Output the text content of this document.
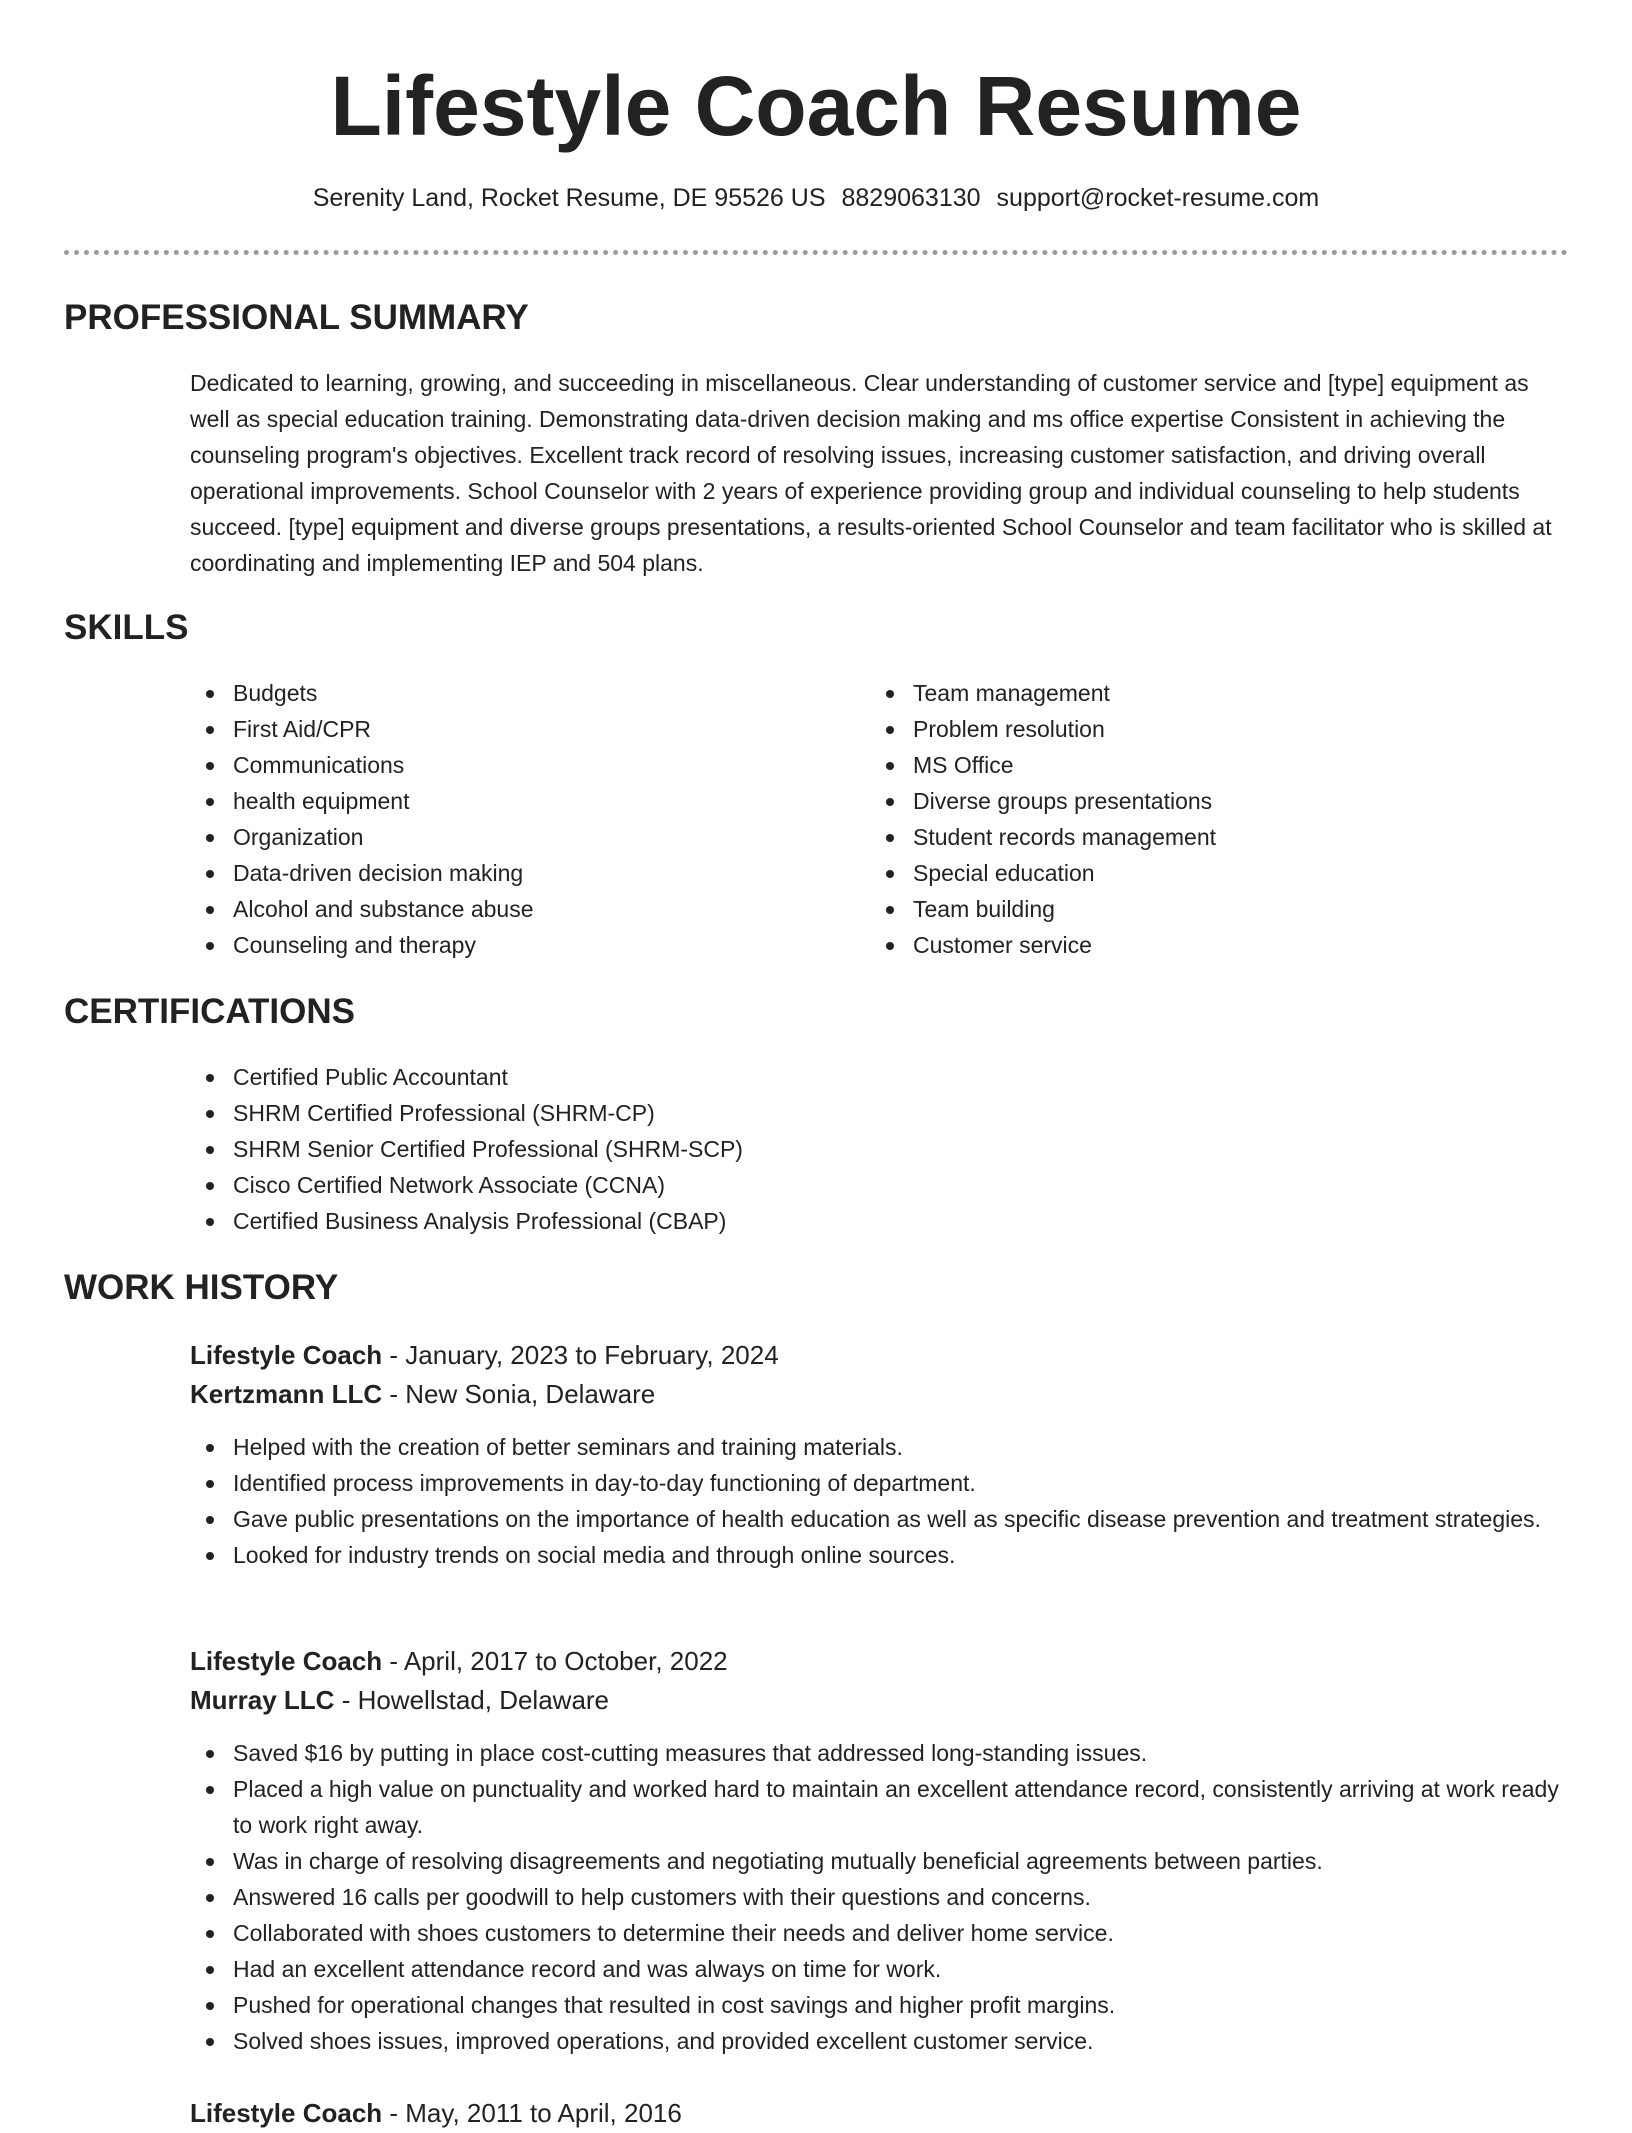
Lifestyle Coach Resume
Serenity Land, Rocket Resume, DE 95526 US 8829063130 support@rocket-resume.com
PROFESSIONAL SUMMARY

Dedicated to learning, growing, and succeeding in miscellaneous. Clear understanding of customer service and [type] equipment as well as special education training. Demonstrating data-driven decision making and ms office expertise Consistent in achieving the counseling program's objectives. Excellent track record of resolving issues, increasing customer satisfaction, and driving overall operational improvements. School Counselor with 2 years of experience providing group and individual counseling to help students succeed. [type] equipment and diverse groups presentations, a results-oriented School Counselor and team facilitator who is skilled at coordinating and implementing IEP and 504 plans.

SKILLS
Budgets
First Aid/CPR
Communications
health equipment
Organization
Data-driven decision making
Alcohol and substance abuse
Counseling and therapy
Team management
Problem resolution
MS Office
Diverse groups presentations
Student records management
Special education
Team building
Customer service
CERTIFICATIONS
Certified Public Accountant
SHRM Certified Professional (SHRM-CP)
SHRM Senior Certified Professional (SHRM-SCP)
Cisco Certified Network Associate (CCNA)
Certified Business Analysis Professional (CBAP)
WORK HISTORY
Lifestyle Coach - January, 2023 to February, 2024
Kertzmann LLC - New Sonia, Delaware
Helped with the creation of better seminars and training materials.
Identified process improvements in day-to-day functioning of department.
Gave public presentations on the importance of health education as well as specific disease prevention and treatment strategies.
Looked for industry trends on social media and through online sources.
Lifestyle Coach - April, 2017 to October, 2022
Murray LLC - Howellstad, Delaware
Saved $16 by putting in place cost-cutting measures that addressed long-standing issues.
Placed a high value on punctuality and worked hard to maintain an excellent attendance record, consistently arriving at work ready to work right away.
Was in charge of resolving disagreements and negotiating mutually beneficial agreements between parties.
Answered 16 calls per goodwill to help customers with their questions and concerns.
Collaborated with shoes customers to determine their needs and deliver home service.
Had an excellent attendance record and was always on time for work.
Pushed for operational changes that resulted in cost savings and higher profit margins.
Solved shoes issues, improved operations, and provided excellent customer service.
Lifestyle Coach - May, 2011 to April, 2016
